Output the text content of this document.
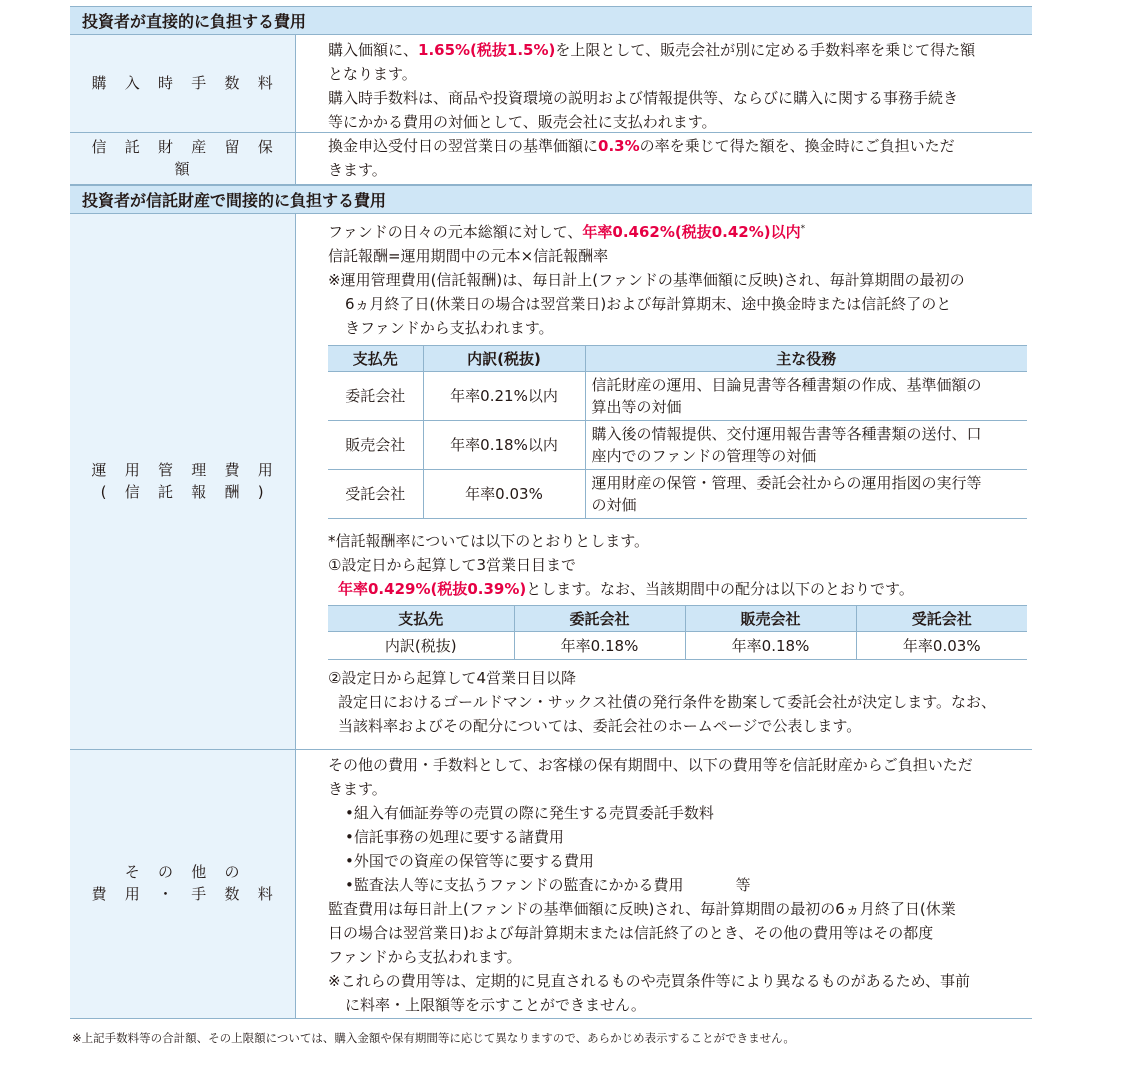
投資者が直接的に負担する費用
購 入 時 手 数 料
購入価額に、1.65%(税抜1.5%)を上限として、販売会社が別に定める手数料率を乗じて得た額
となります。
購入時手数料は、商品や投資環境の説明および情報提供等、ならびに購入に関する事務手続き
等にかかる費用の対価として、販売会社に支払われます。
信 託 財 産 留 保 額
換金申込受付日の翌営業日の基準価額に0.3%の率を乗じて得た額を、換金時にご負担いただ
きます。
投資者が信託財産で間接的に負担する費用
運 用 管 理 費 用
( 信 託 報 酬 )
ファンドの日々の元本総額に対して、年率0.462%(税抜0.42%)以内*
信託報酬=運用期間中の元本×信託報酬率
※運用管理費用(信託報酬)は、毎日計上(ファンドの基準価額に反映)され、毎計算期間の最初の
6ヵ月終了日(休業日の場合は翌営業日)および毎計算期末、途中換金時または信託終了のと
きファンドから支払われます。
支払先	内訳(税抜)	主な役務
委託会社	年率0.21%以内	信託財産の運用、目論見書等各種書類の作成、基準価額の
算出等の対価

販売会社	年率0.18%以内	購入後の情報提供、交付運用報告書等各種書類の送付、口
座内でのファンドの管理等の対価

受託会社	年率0.03%	運用財産の保管・管理、委託会社からの運用指図の実行等
の対価
*信託報酬率については以下のとおりとします。
①設定日から起算して3営業日目まで
年率0.429%(税抜0.39%)とします。なお、当該期間中の配分は以下のとおりです。
支払先	委託会社	販売会社	受託会社
内訳(税抜)	年率0.18%	年率0.18%	年率0.03%
②設定日から起算して4営業日目以降
設定日におけるゴールドマン・サックス社債の発行条件を勘案して委託会社が決定します。なお、
当該料率およびその配分については、委託会社のホームページで公表します。
そ の 他 の
費 用 ・ 手 数 料
その他の費用・手数料として、お客様の保有期間中、以下の費用等を信託財産からご負担いただ
きます。
•組入有価証券等の売買の際に発生する売買委託手数料
•信託事務の処理に要する諸費用
•外国での資産の保管等に要する費用
•監査法人等に支払うファンドの監査にかかる費用	等
監査費用は毎日計上(ファンドの基準価額に反映)され、毎計算期間の最初の6ヵ月終了日(休業
日の場合は翌営業日)および毎計算期末または信託終了のとき、その他の費用等はその都度
ファンドから支払われます。
※これらの費用等は、定期的に見直されるものや売買条件等により異なるものがあるため、事前
に料率・上限額等を示すことができません。
※上記手数料等の合計額、その上限額については、購入金額や保有期間等に応じて異なりますので、あらかじめ表示することができません。
